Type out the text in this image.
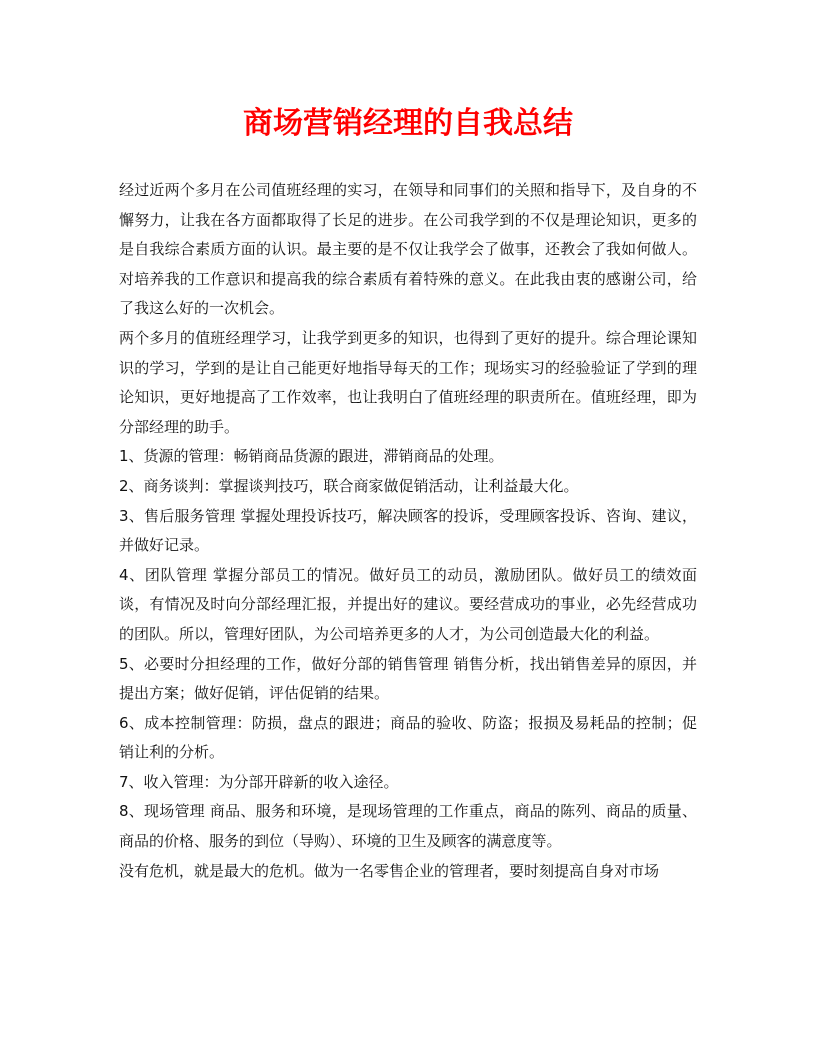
商场营销经理的自我总结

经过近两个多月在公司值班经理的实习，在领导和同事们的关照和指导下，及自身的不懈努力，让我在各方面都取得了长足的进步。在公司我学到的不仅是理论知识，更多的是自我综合素质方面的认识。最主要的是不仅让我学会了做事，还教会了我如何做人。对培养我的工作意识和提高我的综合素质有着特殊的意义。在此我由衷的感谢公司，给了我这么好的一次机会。

两个多月的值班经理学习，让我学到更多的知识，也得到了更好的提升。综合理论课知识的学习，学到的是让自己能更好地指导每天的工作；现场实习的经验验证了学到的理论知识，更好地提高了工作效率，也让我明白了值班经理的职责所在。值班经理，即为分部经理的助手。

1、货源的管理：畅销商品货源的跟进，滞销商品的处理。

2、商务谈判：掌握谈判技巧，联合商家做促销活动，让利益最大化。

3、售后服务管理 掌握处理投诉技巧，解决顾客的投诉，受理顾客投诉、咨询、建议，并做好记录。

4、团队管理 掌握分部员工的情况。做好员工的动员，激励团队。做好员工的绩效面谈，有情况及时向分部经理汇报，并提出好的建议。要经营成功的事业，必先经营成功的团队。所以，管理好团队，为公司培养更多的人才，为公司创造最大化的利益。

5、必要时分担经理的工作，做好分部的销售管理 销售分析，找出销售差异的原因，并提出方案；做好促销，评估促销的结果。

6、成本控制管理：防损，盘点的跟进；商品的验收、防盗；报损及易耗品的控制；促销让利的分析。

7、收入管理：为分部开辟新的收入途径。

8、现场管理 商品、服务和环境，是现场管理的工作重点，商品的陈列、商品的质量、商品的价格、服务的到位（导购）、环境的卫生及顾客的满意度等。

没有危机，就是最大的危机。做为一名零售企业的管理者，要时刻提高自身对市场
